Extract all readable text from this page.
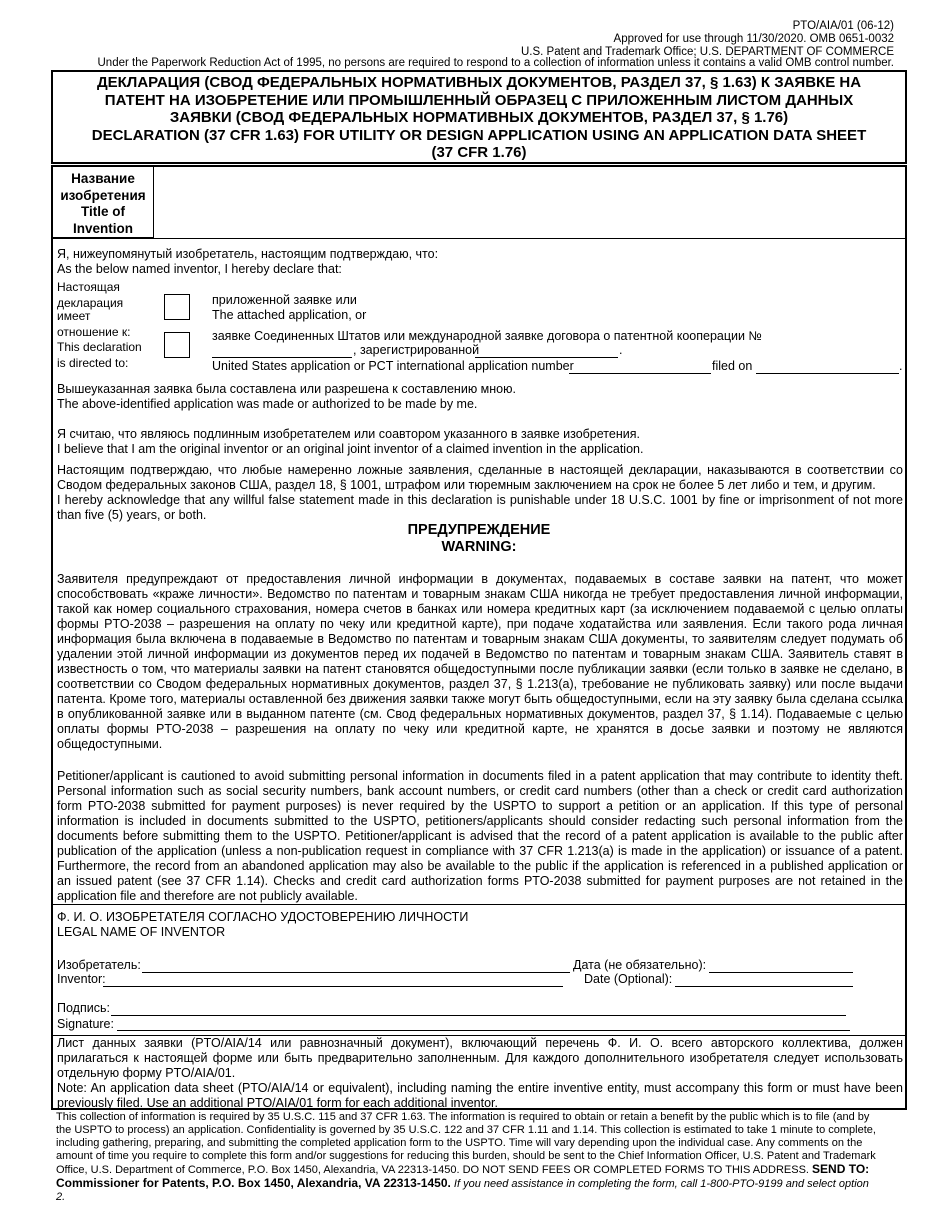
PTO/AIA/01 (06-12)
Approved for use through 11/30/2020. OMB 0651-0032
U.S. Patent and Trademark Office; U.S. DEPARTMENT OF COMMERCE
Under the Paperwork Reduction Act of 1995, no persons are required to respond to a collection of information unless it contains a valid OMB control number.
ДЕКЛАРАЦИЯ (СВОД ФЕДЕРАЛЬНЫХ НОРМАТИВНЫХ ДОКУМЕНТОВ, РАЗДЕЛ 37, § 1.63) К ЗАЯВКЕ НА
ПАТЕНТ НА ИЗОБРЕТЕНИЕ ИЛИ ПРОМЫШЛЕННЫЙ ОБРАЗЕЦ С ПРИЛОЖЕННЫМ ЛИСТОМ ДАННЫХ
ЗАЯВКИ (СВОД ФЕДЕРАЛЬНЫХ НОРМАТИВНЫХ ДОКУМЕНТОВ, РАЗДЕЛ 37, § 1.76)
DECLARATION (37 CFR 1.63) FOR UTILITY OR DESIGN APPLICATION USING AN APPLICATION DATA SHEET
(37 CFR 1.76)
Название
изобретения
Title of
Invention
Я, нижеупомянутый изобретатель, настоящим подтверждаю, что:
As the below named inventor, I hereby declare that:
Настоящая
декларация
имеет
отношение к:
This declaration
is directed to:
приложенной заявке или
The attached application, or
заявке Соединенных Штатов или международной заявке договора о патентной кооперации №
, зарегистрированной	.
United States application or PCT international application number	filed on	.
Вышеуказанная заявка была составлена или разрешена к составлению мною.
The above-identified application was made or authorized to be made by me.
Я считаю, что являюсь подлинным изобретателем или соавтором указанного в заявке изобретения.
I believe that I am the original inventor or an original joint inventor of a claimed invention in the application.
Настоящим подтверждаю, что любые намеренно ложные заявления, сделанные в настоящей декларации, наказываются в соответствии со Сводом федеральных законов США, раздел 18, § 1001, штрафом или тюремным заключением на срок не более 5 лет либо и тем, и другим.
I hereby acknowledge that any willful false statement made in this declaration is punishable under 18 U.S.C. 1001 by fine or imprisonment of not more than five (5) years, or both.
ПРЕДУПРЕЖДЕНИЕ
WARNING:
Заявителя предупреждают от предоставления личной информации в документах, подаваемых в составе заявки на патент, что может способствовать «краже личности». Ведомство по патентам и товарным знакам США никогда не требует предоставления личной информации, такой как номер социального страхования, номера счетов в банках или номера кредитных карт (за исключением подаваемой с целью оплаты формы PTO-2038 – разрешения на оплату по чеку или кредитной карте), при подаче ходатайства или заявления. Если такого рода личная информация была включена в подаваемые в Ведомство по патентам и товарным знакам США документы, то заявителям следует подумать об удалении этой личной информации из документов перед их подачей в Ведомство по патентам и товарным знакам США. Заявитель ставят в известность о том, что материалы заявки на патент становятся общедоступными после публикации заявки (если только в заявке не сделано, в соответствии со Сводом федеральных нормативных документов, раздел 37, § 1.213(a), требование не публиковать заявку) или после выдачи патента. Кроме того, материалы оставленной без движения заявки также могут быть общедоступными, если на эту заявку была сделана ссылка в опубликованной заявке или в выданном патенте (см. Свод федеральных нормативных документов, раздел 37, § 1.14). Подаваемые с целью оплаты формы PTO-2038 – разрешения на оплату по чеку или кредитной карте, не хранятся в досье заявки и поэтому не являются общедоступными.
Petitioner/applicant is cautioned to avoid submitting personal information in documents filed in a patent application that may contribute to identity theft. Personal information such as social security numbers, bank account numbers, or credit card numbers (other than a check or credit card authorization form PTO-2038 submitted for payment purposes) is never required by the USPTO to support a petition or an application. If this type of personal information is included in documents submitted to the USPTO, petitioners/applicants should consider redacting such personal information from the documents before submitting them to the USPTO. Petitioner/applicant is advised that the record of a patent application is available to the public after publication of the application (unless a non-publication request in compliance with 37 CFR 1.213(a) is made in the application) or issuance of a patent. Furthermore, the record from an abandoned application may also be available to the public if the application is referenced in a published application or an issued patent (see 37 CFR 1.14). Checks and credit card authorization forms PTO-2038 submitted for payment purposes are not retained in the application file and therefore are not publicly available.
Ф. И. О. ИЗОБРЕТАТЕЛЯ СОГЛАСНО УДОСТОВЕРЕНИЮ ЛИЧНОСТИ
LEGAL NAME OF INVENTOR
Изобретатель:	Дата (не обязательно):
Inventor:	Date (Optional):
Подпись:
Signature:
Лист данных заявки (PTO/AIA/14 или равнозначный документ), включающий перечень Ф. И. О. всего авторского коллектива, должен прилагаться к настоящей форме или быть предварительно заполненным. Для каждого дополнительного изобретателя следует использовать отдельную форму PTO/AIA/01.
Note: An application data sheet (PTO/AIA/14 or equivalent), including naming the entire inventive entity, must accompany this form or must have been previously filed. Use an additional PTO/AIA/01 form for each additional inventor.
This collection of information is required by 35 U.S.C. 115 and 37 CFR 1.63. The information is required to obtain or retain a benefit by the public which is to file (and by the USPTO to process) an application. Confidentiality is governed by 35 U.S.C. 122 and 37 CFR 1.11 and 1.14. This collection is estimated to take 1 minute to complete, including gathering, preparing, and submitting the completed application form to the USPTO. Time will vary depending upon the individual case. Any comments on the amount of time you require to complete this form and/or suggestions for reducing this burden, should be sent to the Chief Information Officer, U.S. Patent and Trademark Office, U.S. Department of Commerce, P.O. Box 1450, Alexandria, VA 22313-1450. DO NOT SEND FEES OR COMPLETED FORMS TO THIS ADDRESS. SEND TO: Commissioner for Patents, P.O. Box 1450, Alexandria, VA 22313-1450. If you need assistance in completing the form, call 1-800-PTO-9199 and select option 2.
